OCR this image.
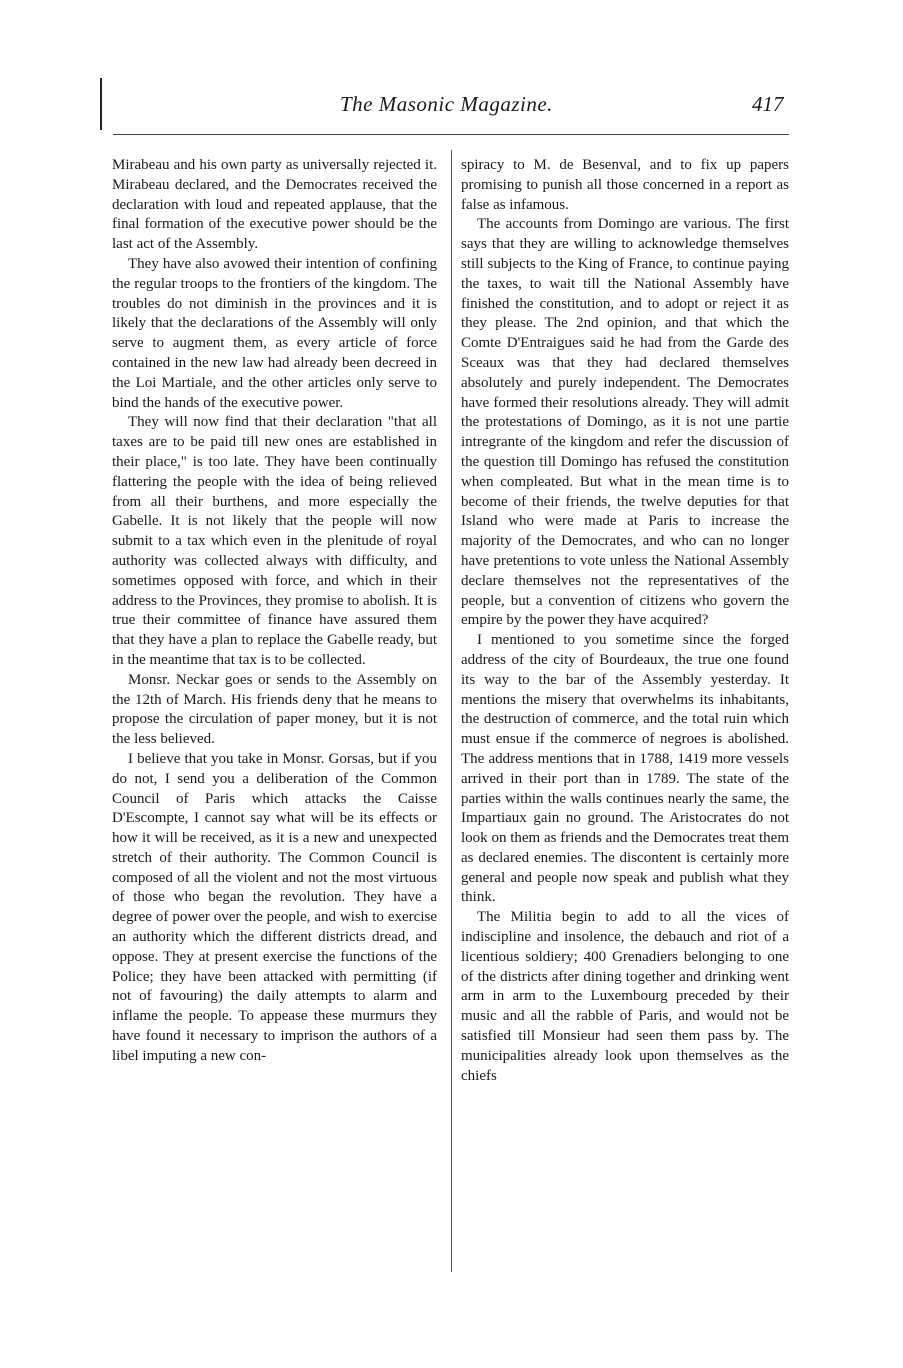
The Masonic Magazine.	417

Mirabeau and his own party as universally rejected it. Mirabeau declared, and the Democrates received the declaration with loud and repeated applause, that the final formation of the executive power should be the last act of the Assembly.

They have also avowed their intention of confining the regular troops to the frontiers of the kingdom. The troubles do not diminish in the provinces and it is likely that the declarations of the Assembly will only serve to augment them, as every article of force contained in the new law had already been decreed in the Loi Martiale, and the other articles only serve to bind the hands of the executive power.

They will now find that their declaration "that all taxes are to be paid till new ones are established in their place," is too late. They have been continually flattering the people with the idea of being relieved from all their burthens, and more especially the Gabelle. It is not likely that the people will now submit to a tax which even in the plenitude of royal authority was collected always with difficulty, and sometimes opposed with force, and which in their address to the Provinces, they promise to abolish. It is true their committee of finance have assured them that they have a plan to replace the Gabelle ready, but in the meantime that tax is to be collected.

Monsr. Neckar goes or sends to the Assembly on the 12th of March. His friends deny that he means to propose the circulation of paper money, but it is not the less believed.

I believe that you take in Monsr. Gorsas, but if you do not, I send you a deliberation of the Common Council of Paris which attacks the Caisse D'Escompte, I cannot say what will be its effects or how it will be received, as it is a new and unexpected stretch of their authority. The Common Council is composed of all the violent and not the most virtuous of those who began the revolution. They have a degree of power over the people, and wish to exercise an authority which the different districts dread, and oppose. They at present exercise the functions of the Police; they have been attacked with permitting (if not of favouring) the daily attempts to alarm and inflame the people. To appease these murmurs they have found it necessary to imprison the authors of a libel imputing a new con-

spiracy to M. de Besenval, and to fix up papers promising to punish all those concerned in a report as false as infamous.

The accounts from Domingo are various. The first says that they are willing to acknowledge themselves still subjects to the King of France, to continue paying the taxes, to wait till the National Assembly have finished the constitution, and to adopt or reject it as they please. The 2nd opinion, and that which the Comte D'Entraigues said he had from the Garde des Sceaux was that they had declared themselves absolutely and purely independent. The Democrates have formed their resolutions already. They will admit the protestations of Domingo, as it is not une partie intregrante of the kingdom and refer the discussion of the question till Domingo has refused the constitution when compleated. But what in the mean time is to become of their friends, the twelve deputies for that Island who were made at Paris to increase the majority of the Democrates, and who can no longer have pretentions to vote unless the National Assembly declare themselves not the representatives of the people, but a convention of citizens who govern the empire by the power they have acquired?

I mentioned to you sometime since the forged address of the city of Bourdeaux, the true one found its way to the bar of the Assembly yesterday. It mentions the misery that overwhelms its inhabitants, the destruction of commerce, and the total ruin which must ensue if the commerce of negroes is abolished. The address mentions that in 1788, 1419 more vessels arrived in their port than in 1789. The state of the parties within the walls continues nearly the same, the Impartiaux gain no ground. The Aristocrates do not look on them as friends and the Democrates treat them as declared enemies. The discontent is certainly more general and people now speak and publish what they think.

The Militia begin to add to all the vices of indiscipline and insolence, the debauch and riot of a licentious soldiery; 400 Grenadiers belonging to one of the districts after dining together and drinking went arm in arm to the Luxembourg preceded by their music and all the rabble of Paris, and would not be satisfied till Monsieur had seen them pass by. The municipalities already look upon themselves as the chiefs
